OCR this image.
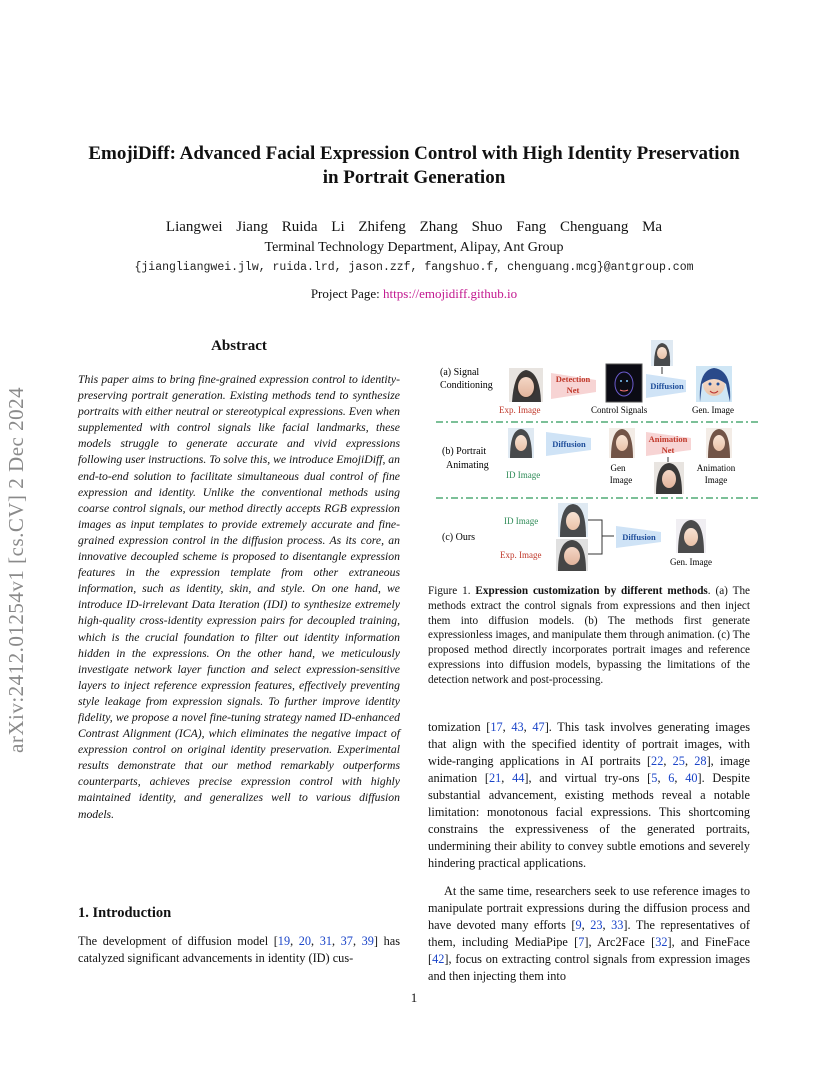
arXiv:2412.01254v1 [cs.CV] 2 Dec 2024
EmojiDiff: Advanced Facial Expression Control with High Identity Preservation
in Portrait Generation
Liangwei Jiang Ruida Li Zhifeng Zhang Shuo Fang Chenguang Ma
Terminal Technology Department, Alipay, Ant Group
{jiangliangwei.jlw, ruida.lrd, jason.zzf, fangshuo.f, chenguang.mcg}@antgroup.com
Project Page: https://emojidiff.github.io
Abstract

This paper aims to bring fine-grained expression control to identity-preserving portrait generation. Existing methods tend to synthesize portraits with either neutral or stereotypical expressions. Even when supplemented with control signals like facial landmarks, these models struggle to generate accurate and vivid expressions following user instructions. To solve this, we introduce EmojiDiff, an end-to-end solution to facilitate simultaneous dual control of fine expression and identity. Unlike the conventional methods using coarse control signals, our method directly accepts RGB expression images as input templates to provide extremely accurate and fine-grained expression control in the diffusion process. As its core, an innovative decoupled scheme is proposed to disentangle expression features in the expression template from other extraneous information, such as identity, skin, and style. On one hand, we introduce ID-irrelevant Data Iteration (IDI) to synthesize extremely high-quality cross-identity expression pairs for decoupled training, which is the crucial foundation to filter out identity information hidden in the expressions. On the other hand, we meticulously investigate network layer function and select expression-sensitive layers to inject reference expression features, effectively preventing style leakage from expression signals. To further improve identity fidelity, we propose a novel fine-tuning strategy named ID-enhanced Contrast Alignment (ICA), which eliminates the negative impact of expression control on original identity preservation. Experimental results demonstrate that our method remarkably outperforms counterparts, achieves precise expression control with highly maintained identity, and generalizes well to various diffusion models.

1. Introduction

The development of diffusion model [19, 20, 31, 37, 39] has catalyzed significant advancements in identity (ID) cus-

(a) Signal
Conditioning
Detection
Net	Diffusion
Exp. Image	Control Signals	Gen. Image
(b) Portrait
Animating
ID Image
Diffusion
Gen
Image
Animation
Net
Animation
Image
(c) Ours
ID Image
Exp. Image
Diffusion
Gen. Image

Figure 1. Expression customization by different methods. (a) The methods extract the control signals from expressions and then inject them into diffusion models. (b) The methods first generate expressionless images, and manipulate them through animation. (c) The proposed method directly incorporates portrait images and reference expressions into diffusion models, bypassing the limitations of the detection network and post-processing.

tomization [17, 43, 47]. This task involves generating images that align with the specified identity of portrait images, with wide-ranging applications in AI portraits [22, 25, 28], image animation [21, 44], and virtual try-ons [5, 6, 40]. Despite substantial advancement, existing methods reveal a notable limitation: monotonous facial expressions. This shortcoming constrains the expressiveness of the generated portraits, undermining their ability to convey subtle emotions and severely hindering practical applications.

At the same time, researchers seek to use reference images to manipulate portrait expressions during the diffusion process and have devoted many efforts [9, 23, 33]. The representatives of them, including MediaPipe [7], Arc2Face [32], and FineFace [42], focus on extracting control signals from expression images and then injecting them into

1
